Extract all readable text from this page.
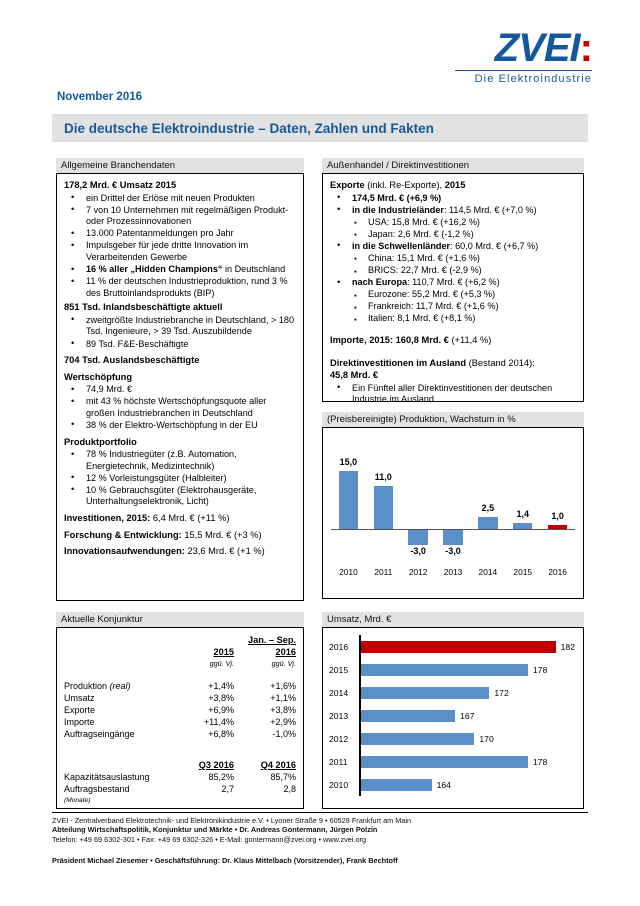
ZVEI:
Die Elektroindustrie
November 2016
Die deutsche Elektroindustrie – Daten, Zahlen und Fakten
Allgemeine Branchendaten
178,2 Mrd. € Umsatz 2015
• ein Drittel der Erlöse mit neuen Produkten
• 7 von 10 Unternehmen mit regelmäßigen Produkt- oder Prozessinnovationen
• 13.000 Patentanmeldungen pro Jahr
• Impulsgeber für jede dritte Innovation im Verarbeitenden Gewerbe
• 16 % aller „Hidden Champions“ in Deutschland
• 11 % der deutschen Industrieproduktion, rund 3 % des Bruttoinlandsprodukts (BIP)
851 Tsd. Inlandsbeschäftigte aktuell
• zweitgrößte Industriebranche in Deutschland, > 180 Tsd. Ingenieure, > 39 Tsd. Auszubildende
• 89 Tsd. F&E-Beschäftigte
704 Tsd. Auslandsbeschäftigte
Wertschöpfung
• 74,9 Mrd. €
• mit 43 % höchste Wertschöpfungsquote aller großen Industriebranchen in Deutschland
• 38 % der Elektro-Wertschöpfung in der EU
Produktportfolio
• 78 % Industriegüter (z.B. Automation, Energietechnik, Medizintechnik)
• 12 % Vorleistungsgüter (Halbleiter)
• 10 % Gebrauchsgüter (Elektrohausgeräte, Unterhaltungselektronik, Licht)
Investitionen, 2015: 6,4 Mrd. € (+11 %)
Forschung & Entwicklung: 15,5 Mrd. € (+3 %)
Innovationsaufwendungen: 23,6 Mrd. € (+1 %)
Außenhandel / Direktinvestitionen
Exporte (inkl. Re-Exporte), 2015
• 174,5 Mrd. € (+6,9 %)
• in die Industrieländer: 114,5 Mrd. € (+7,0 %)
▪ USA: 15,8 Mrd. € (+16,2 %)
▪ Japan: 2,6 Mrd. € (-1,2 %)
• in die Schwellenländer: 60,0 Mrd. € (+6,7 %)
▪ China: 15,1 Mrd. € (+1,6 %)
▪ BRICS: 22,7 Mrd. € (-2,9 %)
• nach Europa: 110,7 Mrd. € (+6,2 %)
▪ Eurozone: 55,2 Mrd. € (+5,3 %)
▪ Frankreich: 11,7 Mrd. € (+1,6 %)
▪ Italien: 8,1 Mrd. € (+8,1 %)
Importe, 2015: 160,8 Mrd. € (+11,4 %)
Direktinvestitionen im Ausland (Bestand 2014):
45,8 Mrd. €
• Ein Fünftel aller Direktinvestitionen der deutschen Industrie im Ausland
(Preisbereinigte) Produktion, Wachstum in %
15,0
2010
11,0
2011
-3,0
2012
-3,0
2013
2,5
2014
1,4
2015
1,0
2016
Aktuelle Konjunktur
		Jan. – Sep.
	2015	2016
	ggü. Vj.	ggü. Vj.

Produktion (real)	+1,4%	+1,6%
Umsatz	+3,8%	+1,1%
Exporte	+6,9%	+3,8%
Importe	+11,4%	+2,9%
Auftragseingänge	+6,8%	-1,0%

	Q3 2016	Q4 2016
Kapazitätsauslastung	85,2%	85,7%
Auftragsbestand	2,7	2,8
(Monate)		
Umsatz, Mrd. €
2016	182
2015	178
2014	172
2013	167
2012	170
2011	178
2010	164

ZVEI - Zentralverband Elektrotechnik- und Elektronikindustrie e.V. • Lyoner Straße 9 • 60528 Frankfurt am Main

Abteilung Wirtschaftspolitik, Konjunktur und Märkte • Dr. Andreas Gontermann, Jürgen Polzin

Telefon: +49 69 6302-301 • Fax: +49 69 6302-326 • E-Mail: gontermann@zvei.org • www.zvei.org

Präsident Michael Ziesemer • Geschäftsführung: Dr. Klaus Mittelbach (Vorsitzender), Frank Bechtoff
